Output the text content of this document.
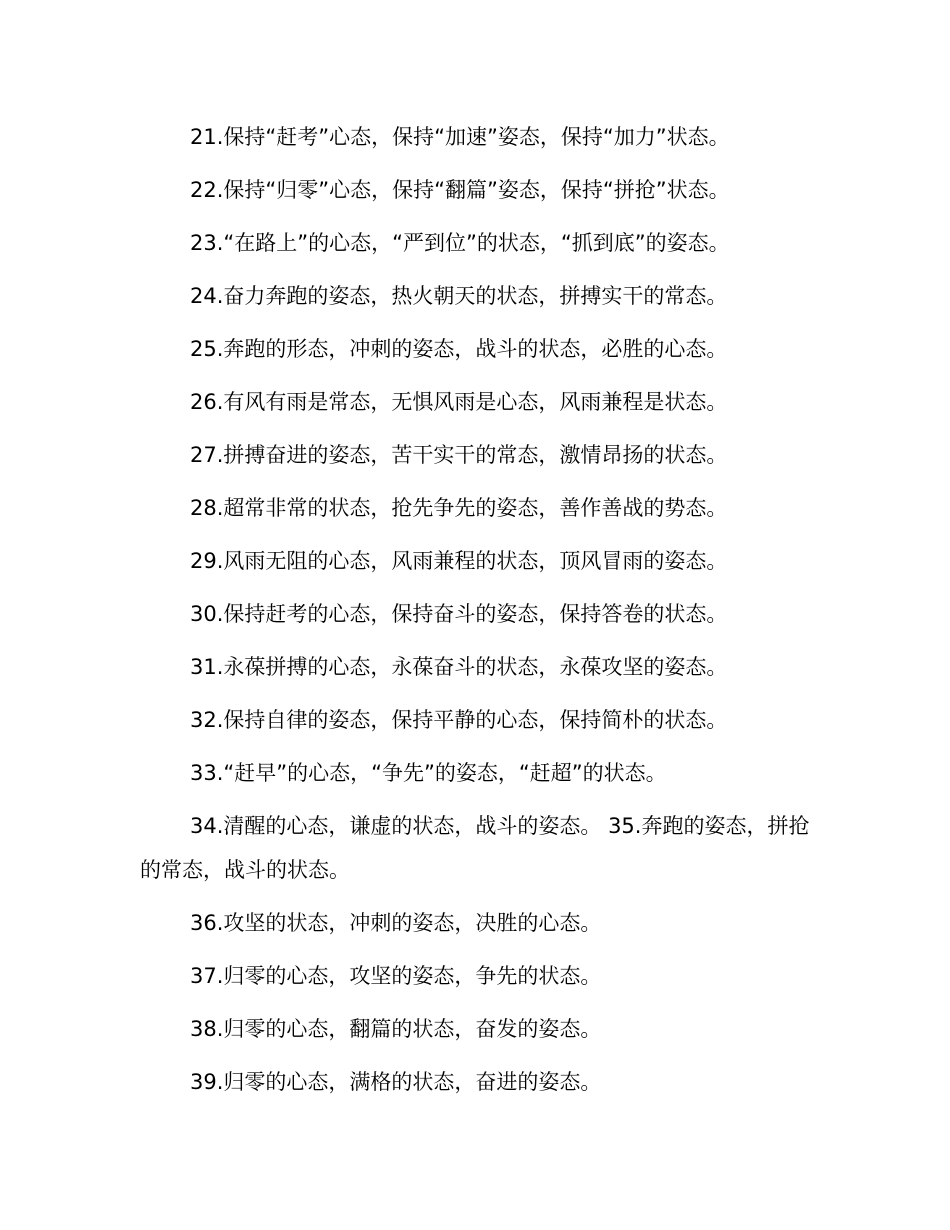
21.保持“赶考”心态，保持“加速”姿态，保持“加力”状态。

22.保持“归零”心态，保持“翻篇”姿态，保持“拼抢”状态。

23.“在路上”的心态，“严到位”的状态，“抓到底”的姿态。

24.奋力奔跑的姿态，热火朝天的状态，拼搏实干的常态。

25.奔跑的形态，冲刺的姿态，战斗的状态，必胜的心态。

26.有风有雨是常态，无惧风雨是心态，风雨兼程是状态。

27.拼搏奋进的姿态，苦干实干的常态，激情昂扬的状态。

28.超常非常的状态，抢先争先的姿态，善作善战的势态。

29.风雨无阻的心态，风雨兼程的状态，顶风冒雨的姿态。

30.保持赶考的心态，保持奋斗的姿态，保持答卷的状态。

31.永葆拼搏的心态，永葆奋斗的状态，永葆攻坚的姿态。

32.保持自律的姿态，保持平静的心态，保持简朴的状态。

33.“赶早”的心态，“争先”的姿态，“赶超”的状态。

34.清醒的心态，谦虚的状态，战斗的姿态。 35.奔跑的姿态，拼抢的常态，战斗的状态。

36.攻坚的状态，冲刺的姿态，决胜的心态。

37.归零的心态，攻坚的姿态，争先的状态。

38.归零的心态，翻篇的状态，奋发的姿态。

39.归零的心态，满格的状态，奋进的姿态。
